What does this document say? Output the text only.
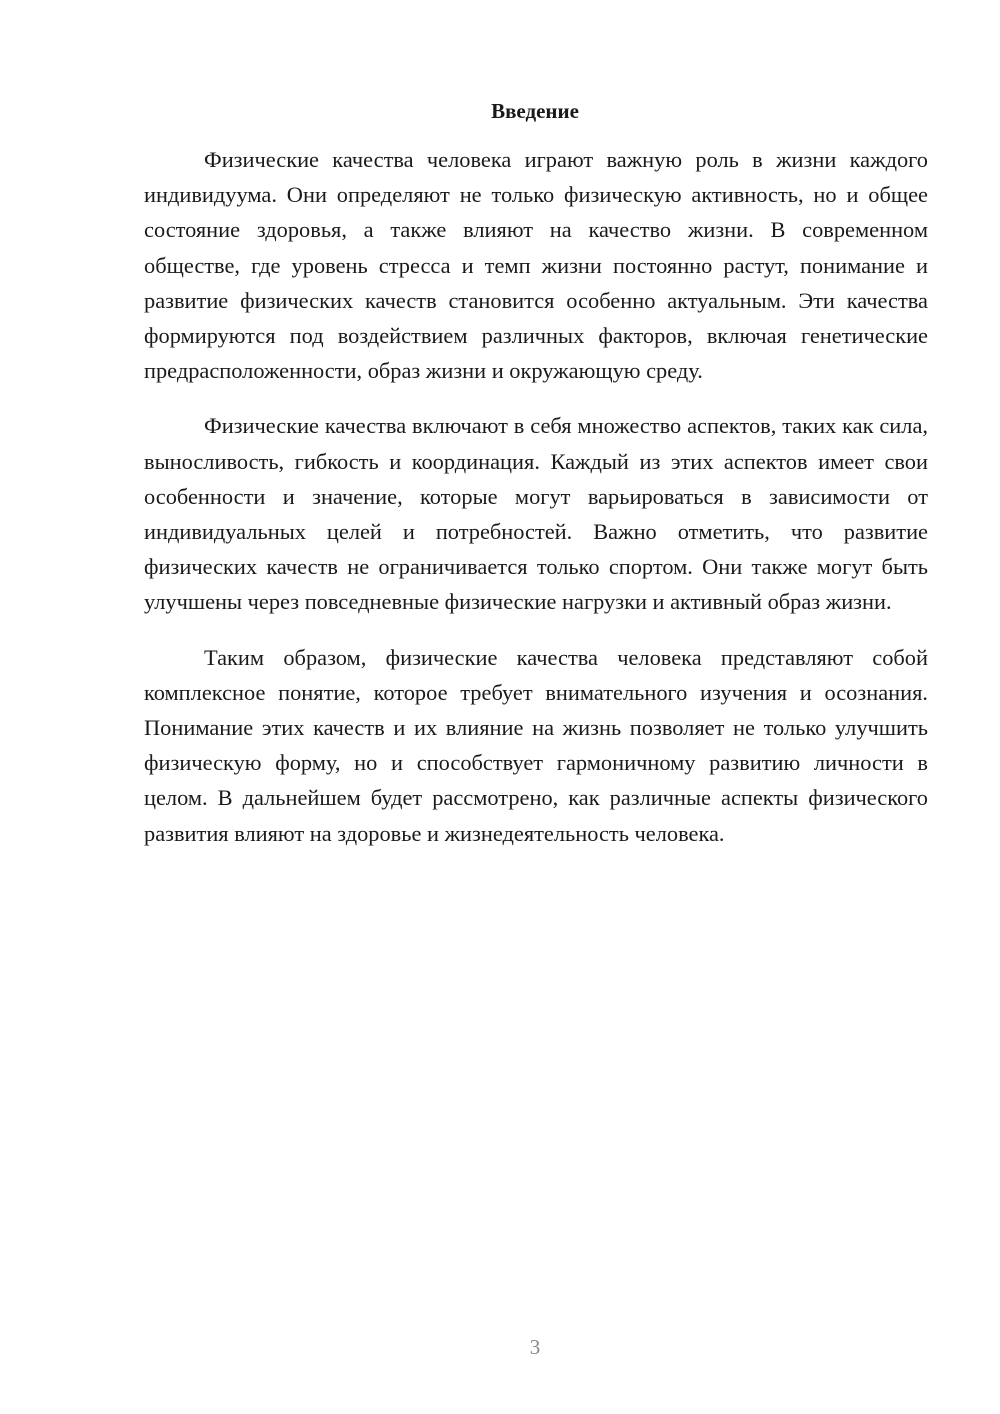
Введение

Физические качества человека играют важную роль в жизни каждого индивидуума. Они определяют не только физическую активность, но и общее состояние здоровья, а также влияют на качество жизни. В современном обществе, где уровень стресса и темп жизни постоянно растут, понимание и развитие физических качеств становится особенно актуальным. Эти качества формируются под воздействием различных факторов, включая генетические предрасположенности, образ жизни и окружающую среду.

Физические качества включают в себя множество аспектов, таких как сила, выносливость, гибкость и координация. Каждый из этих аспектов имеет свои особенности и значение, которые могут варьироваться в зависимости от индивидуальных целей и потребностей. Важно отметить, что развитие физических качеств не ограничивается только спортом. Они также могут быть улучшены через повседневные физические нагрузки и активный образ жизни.

Таким образом, физические качества человека представляют собой комплексное понятие, которое требует внимательного изучения и осознания. Понимание этих качеств и их влияние на жизнь позволяет не только улучшить физическую форму, но и способствует гармоничному развитию личности в целом. В дальнейшем будет рассмотрено, как различные аспекты физического развития влияют на здоровье и жизнедеятельность человека.

3
